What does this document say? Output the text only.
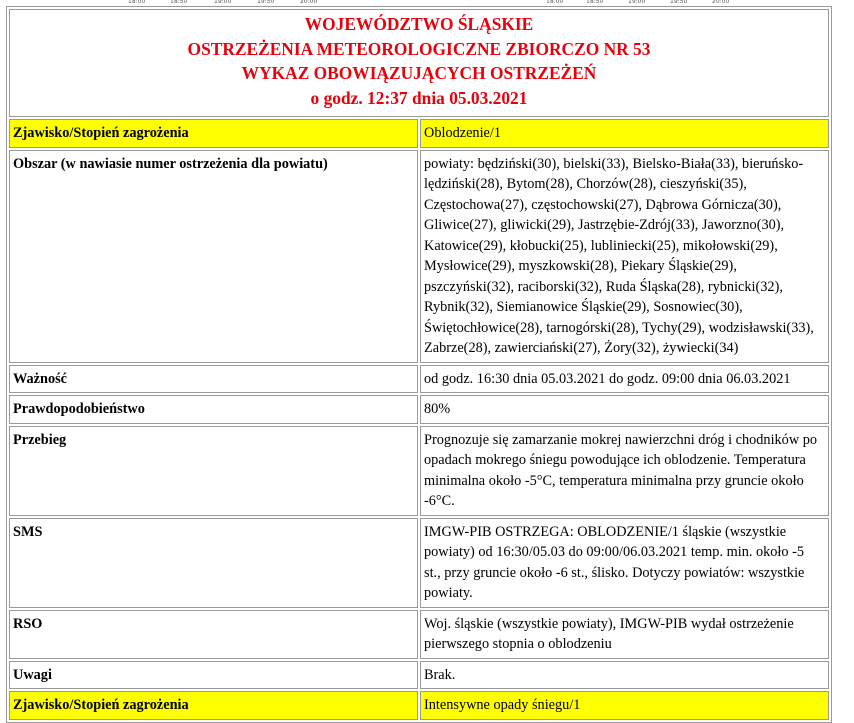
18:00	18:50	19:00	19:50	20:00	18:00	18:50	19:00	19:50	20:00
WOJEWÓDZTWO ŚLĄSKIE
OSTRZEŻENIA METEOROLOGICZNE ZBIORCZO NR 53
WYKAZ OBOWIĄZUJĄCYCH OSTRZEŻEŃ
o godz. 12:37 dnia 05.03.2021	

Zjawisko/Stopień zagrożenia	Oblodzenie/1
Obszar (w nawiasie numer ostrzeżenia dla powiatu)	powiaty: będziński(30), bielski(33), Bielsko-Biała(33), bieruńsko-lędziński(28), Bytom(28), Chorzów(28), cieszyński(35), Częstochowa(27), częstochowski(27), Dąbrowa Górnicza(30), Gliwice(27), gliwicki(29), Jastrzębie-Zdrój(33), Jaworzno(30), Katowice(29), kłobucki(25), lubliniecki(25), mikołowski(29), Mysłowice(29), myszkowski(28), Piekary Śląskie(29), pszczyński(32), raciborski(32), Ruda Śląska(28), rybnicki(32), Rybnik(32), Siemianowice Śląskie(29), Sosnowiec(30), Świętochłowice(28), tarnogórski(28), Tychy(29), wodzisławski(33), Zabrze(28), zawierciański(27), Żory(32), żywiecki(34)
Ważność	od godz. 16:30 dnia 05.03.2021 do godz. 09:00 dnia 06.03.2021
Prawdopodobieństwo	80%
Przebieg	Prognozuje się zamarzanie mokrej nawierzchni dróg i chodników po opadach mokrego śniegu powodujące ich oblodzenie. Temperatura minimalna około -5°C, temperatura minimalna przy gruncie około -6°C.
SMS	IMGW-PIB OSTRZEGA: OBLODZENIE/1 śląskie (wszystkie powiaty) od 16:30/05.03 do 09:00/06.03.2021 temp. min. około -5 st., przy gruncie około -6 st., ślisko. Dotyczy powiatów: wszystkie powiaty.
RSO	Woj. śląskie (wszystkie powiaty), IMGW-PIB wydał ostrzeżenie pierwszego stopnia o oblodzeniu
Uwagi	Brak.
Zjawisko/Stopień zagrożenia	Intensywne opady śniegu/1
